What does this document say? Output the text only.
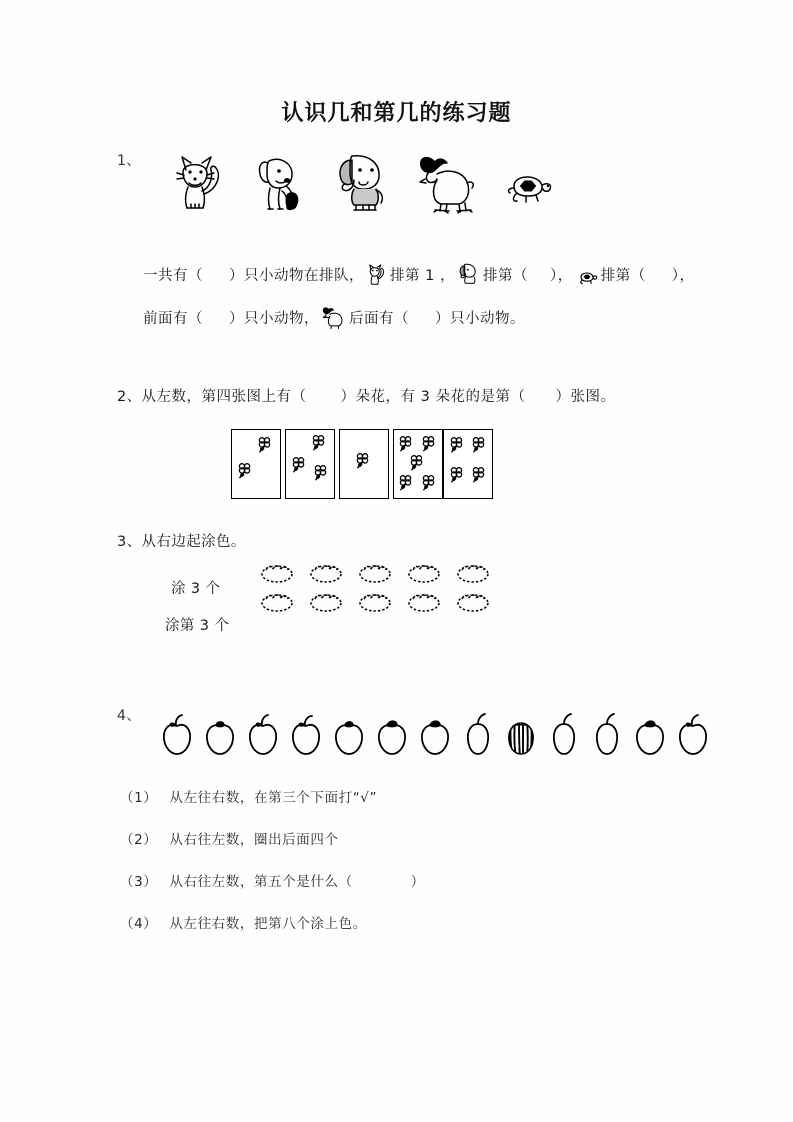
认识几和第几的练习题
1、
一共有（ ）只小动物在排队， 排第 1 ， 排第（ ）， 排第（ ），
前面有（ ）只小动物， 后面有（ ）只小动物。
2、从左数，第四张图上有（ ）朵花，有 3 朵花的是第（ ）张图。
3、从右边起涂色。
涂 3 个
涂第 3 个
4、
（1） 从左往右数，在第三个下面打“√”
（2） 从右往左数，圈出后面四个
（3） 从右往左数，第五个是什么（	）
（4） 从左往右数，把第八个涂上色。
